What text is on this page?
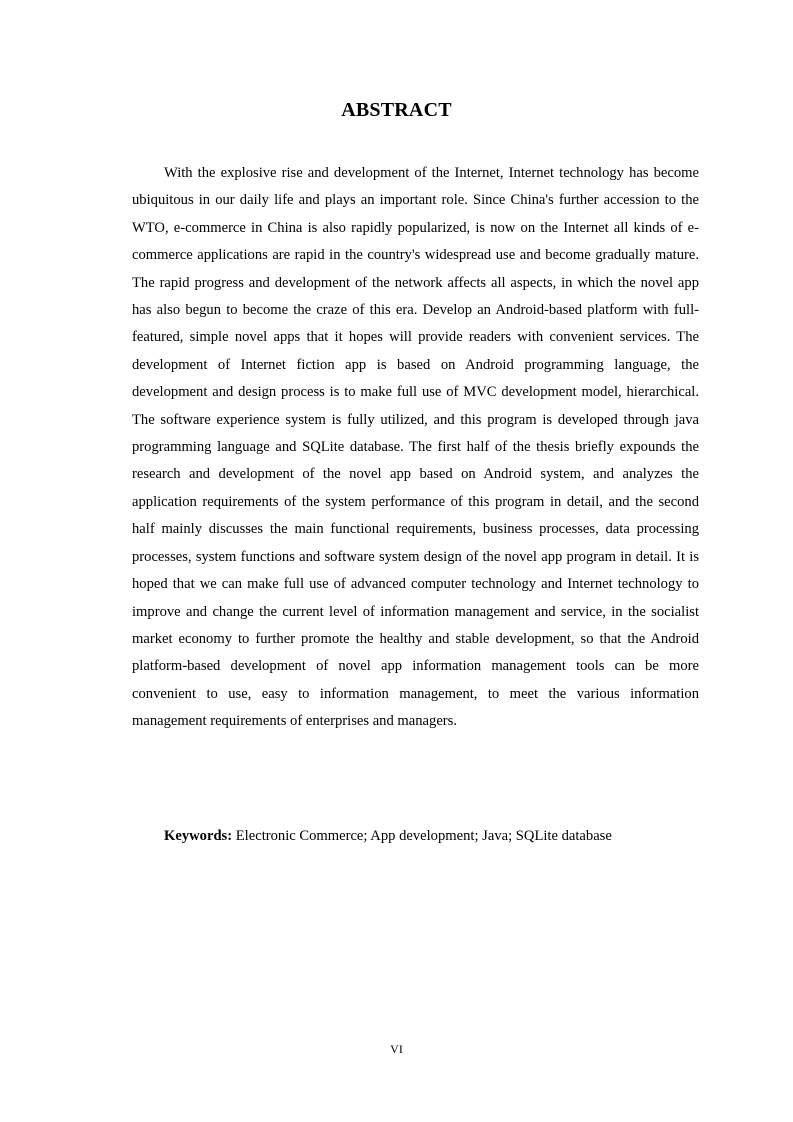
ABSTRACT

With the explosive rise and development of the Internet, Internet technology has become ubiquitous in our daily life and plays an important role. Since China's further accession to the WTO, e-commerce in China is also rapidly popularized, is now on the Internet all kinds of e-commerce applications are rapid in the country's widespread use and become gradually mature. The rapid progress and development of the network affects all aspects, in which the novel app has also begun to become the craze of this era. Develop an Android-based platform with full-featured, simple novel apps that it hopes will provide readers with convenient services. The development of Internet fiction app is based on Android programming language, the development and design process is to make full use of MVC development model, hierarchical. The software experience system is fully utilized, and this program is developed through java programming language and SQLite database. The first half of the thesis briefly expounds the research and development of the novel app based on Android system, and analyzes the application requirements of the system performance of this program in detail, and the second half mainly discusses the main functional requirements, business processes, data processing processes, system functions and software system design of the novel app program in detail. It is hoped that we can make full use of advanced computer technology and Internet technology to improve and change the current level of information management and service, in the socialist market economy to further promote the healthy and stable development, so that the Android platform-based development of novel app information management tools can be more convenient to use, easy to information management, to meet the various information management requirements of enterprises and managers.

Keywords: Electronic Commerce; App development; Java; SQLite database
VI
